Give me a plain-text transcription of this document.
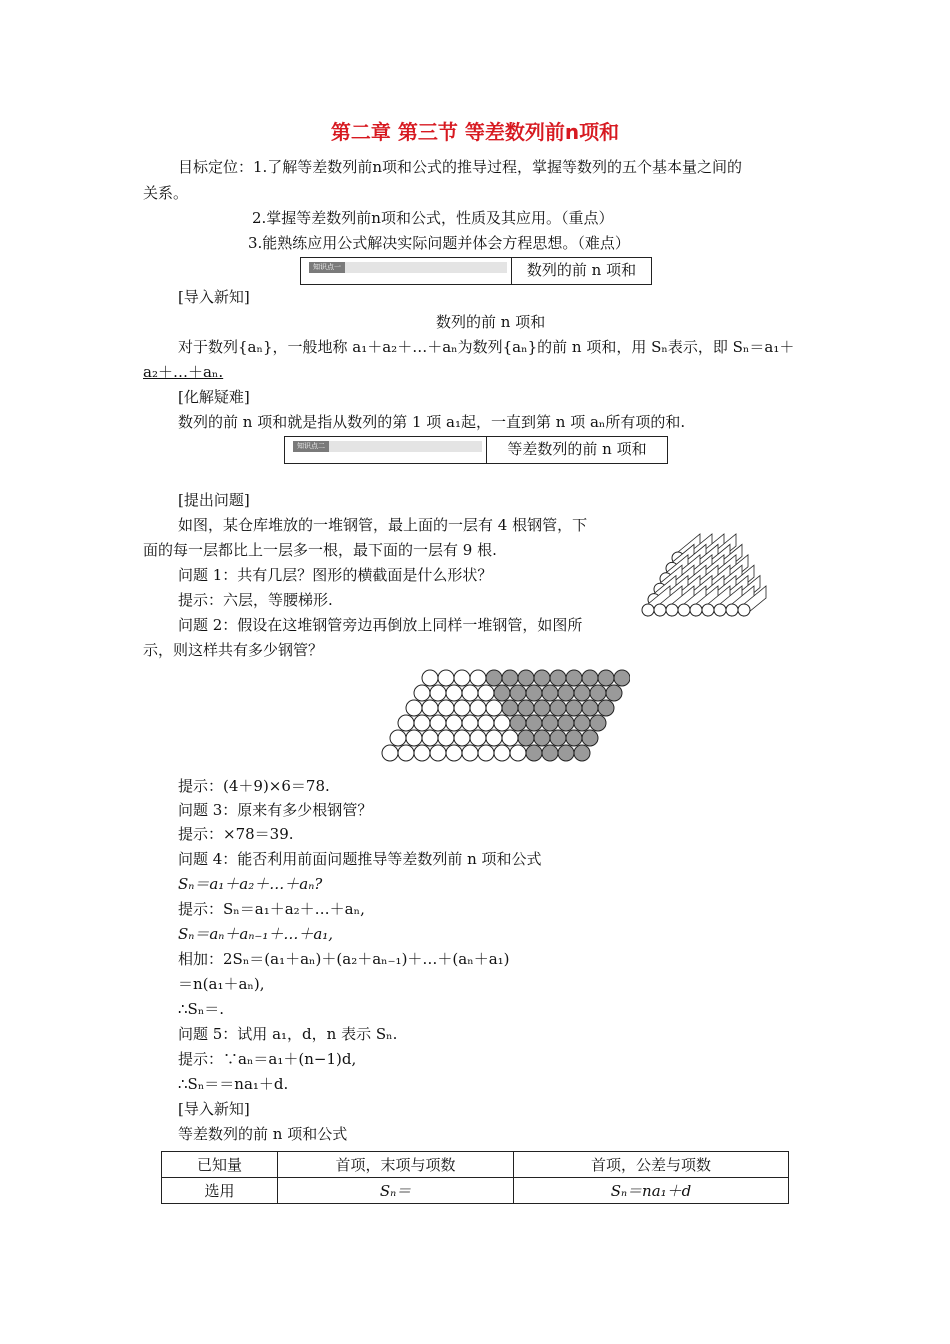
第二章 第三节 等差数列前n项和
目标定位：1.了解等差数列前n项和公式的推导过程，掌握等数列的五个基本量之间的
关系。
2.掌握等差数列前n项和公式，性质及其应用。（重点）
3.能熟练应用公式解决实际问题并体会方程思想。（难点）
知识点一	数列的前 n 项和
[导入新知]
数列的前 n 项和
对于数列{aₙ}，一般地称 a₁＋a₂＋…＋aₙ为数列{aₙ}的前 n 项和，用 Sₙ表示，即 Sₙ＝a₁＋
a₂＋…＋aₙ.
[化解疑难]
数列的前 n 项和就是指从数列的第 1 项 a₁起，一直到第 n 项 aₙ所有项的和.
知识点二	等差数列的前 n 项和
[提出问题]
如图，某仓库堆放的一堆钢管，最上面的一层有 4 根钢管，下
面的每一层都比上一层多一根，最下面的一层有 9 根.
问题 1：共有几层？图形的横截面是什么形状？
提示：六层，等腰梯形.
问题 2：假设在这堆钢管旁边再倒放上同样一堆钢管，如图所
示，则这样共有多少钢管？
提示：(4＋9)×6＝78.
问题 3：原来有多少根钢管？
提示：×78＝39.
问题 4：能否利用前面问题推导等差数列前 n 项和公式
Sₙ＝a₁＋a₂＋…＋aₙ?
提示：Sₙ＝a₁＋a₂＋…＋aₙ,
Sₙ＝aₙ＋aₙ₋₁＋…＋a₁,
相加：2Sₙ＝(a₁＋aₙ)＋(a₂＋aₙ₋₁)＋…＋(aₙ＋a₁)
＝n(a₁＋aₙ),
∴Sₙ＝.
问题 5：试用 a₁，d，n 表示 Sₙ.
提示：∵aₙ＝a₁＋(n−1)d,
∴Sₙ＝＝na₁＋d.
[导入新知]
等差数列的前 n 项和公式
已知量	首项，末项与项数	首项，公差与项数
选用	Sₙ＝	Sₙ＝na₁＋d
